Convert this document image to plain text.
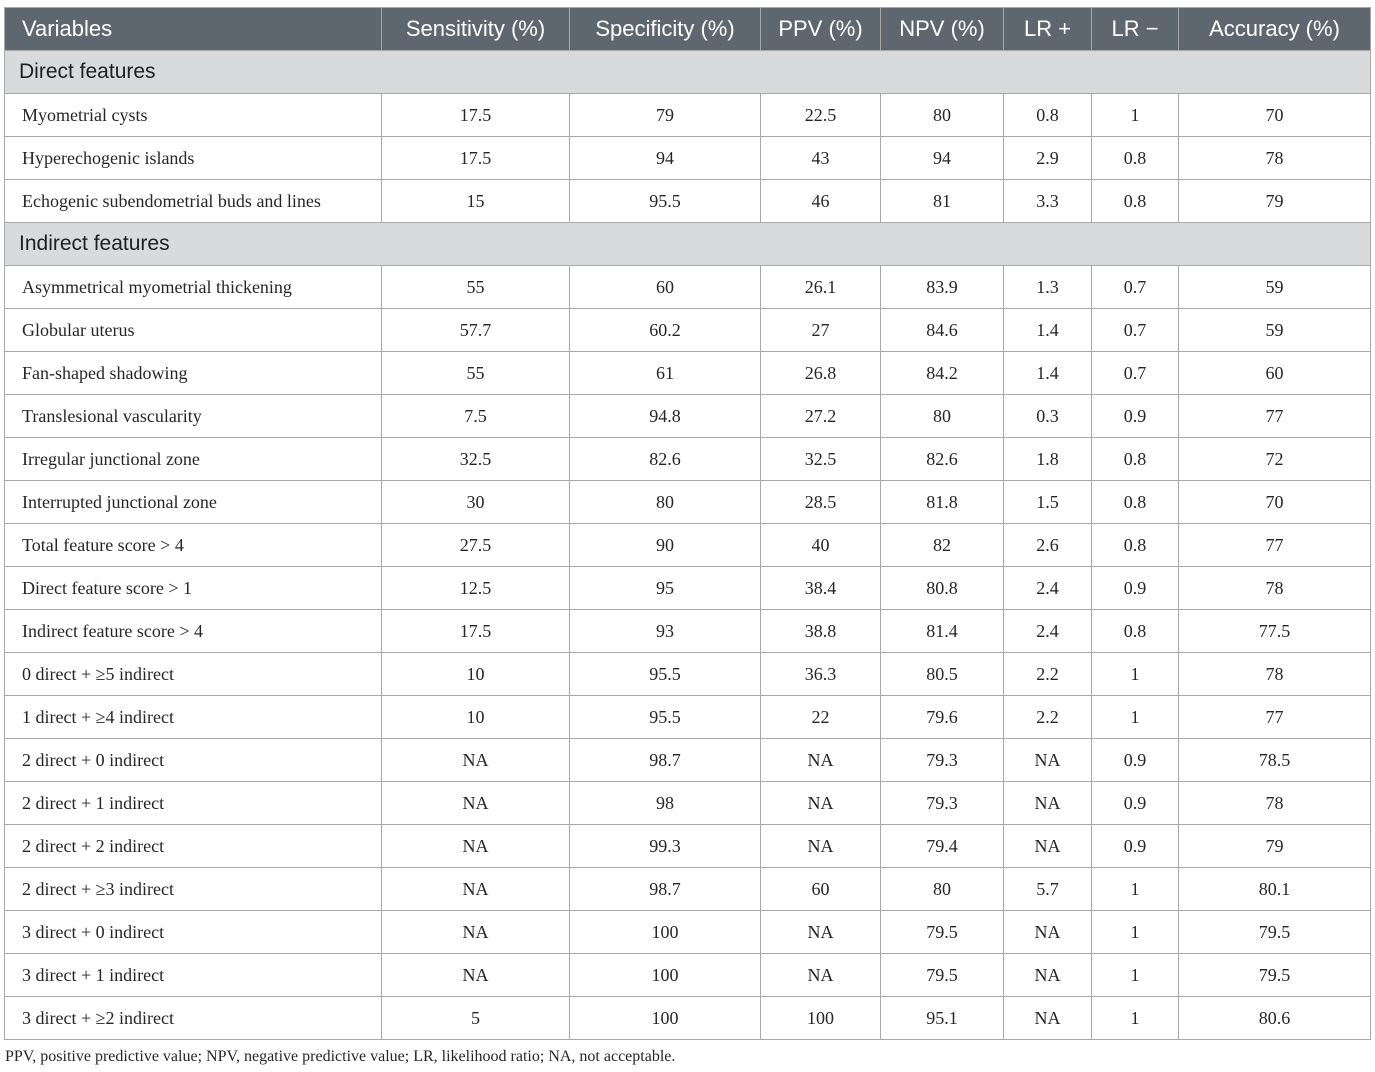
Variables	Sensitivity (%)	Specificity (%)	PPV (%)	NPV (%)	LR +	LR −	Accuracy (%)
Direct features							
Myometrial cysts	17.5	79	22.5	80	0.8	1	70
Hyperechogenic islands	17.5	94	43	94	2.9	0.8	78
Echogenic subendometrial buds and lines	15	95.5	46	81	3.3	0.8	79
Indirect features							
Asymmetrical myometrial thickening	55	60	26.1	83.9	1.3	0.7	59
Globular uterus	57.7	60.2	27	84.6	1.4	0.7	59
Fan-shaped shadowing	55	61	26.8	84.2	1.4	0.7	60
Translesional vascularity	7.5	94.8	27.2	80	0.3	0.9	77
Irregular junctional zone	32.5	82.6	32.5	82.6	1.8	0.8	72
Interrupted junctional zone	30	80	28.5	81.8	1.5	0.8	70
Total feature score > 4	27.5	90	40	82	2.6	0.8	77
Direct feature score > 1	12.5	95	38.4	80.8	2.4	0.9	78
Indirect feature score > 4	17.5	93	38.8	81.4	2.4	0.8	77.5
0 direct + ≥5 indirect	10	95.5	36.3	80.5	2.2	1	78
1 direct + ≥4 indirect	10	95.5	22	79.6	2.2	1	77
2 direct + 0 indirect	NA	98.7	NA	79.3	NA	0.9	78.5
2 direct + 1 indirect	NA	98	NA	79.3	NA	0.9	78
2 direct + 2 indirect	NA	99.3	NA	79.4	NA	0.9	79
2 direct + ≥3 indirect	NA	98.7	60	80	5.7	1	80.1
3 direct + 0 indirect	NA	100	NA	79.5	NA	1	79.5
3 direct + 1 indirect	NA	100	NA	79.5	NA	1	79.5
3 direct + ≥2 indirect	5	100	100	95.1	NA	1	80.6
PPV, positive predictive value; NPV, negative predictive value; LR, likelihood ratio; NA, not acceptable.
